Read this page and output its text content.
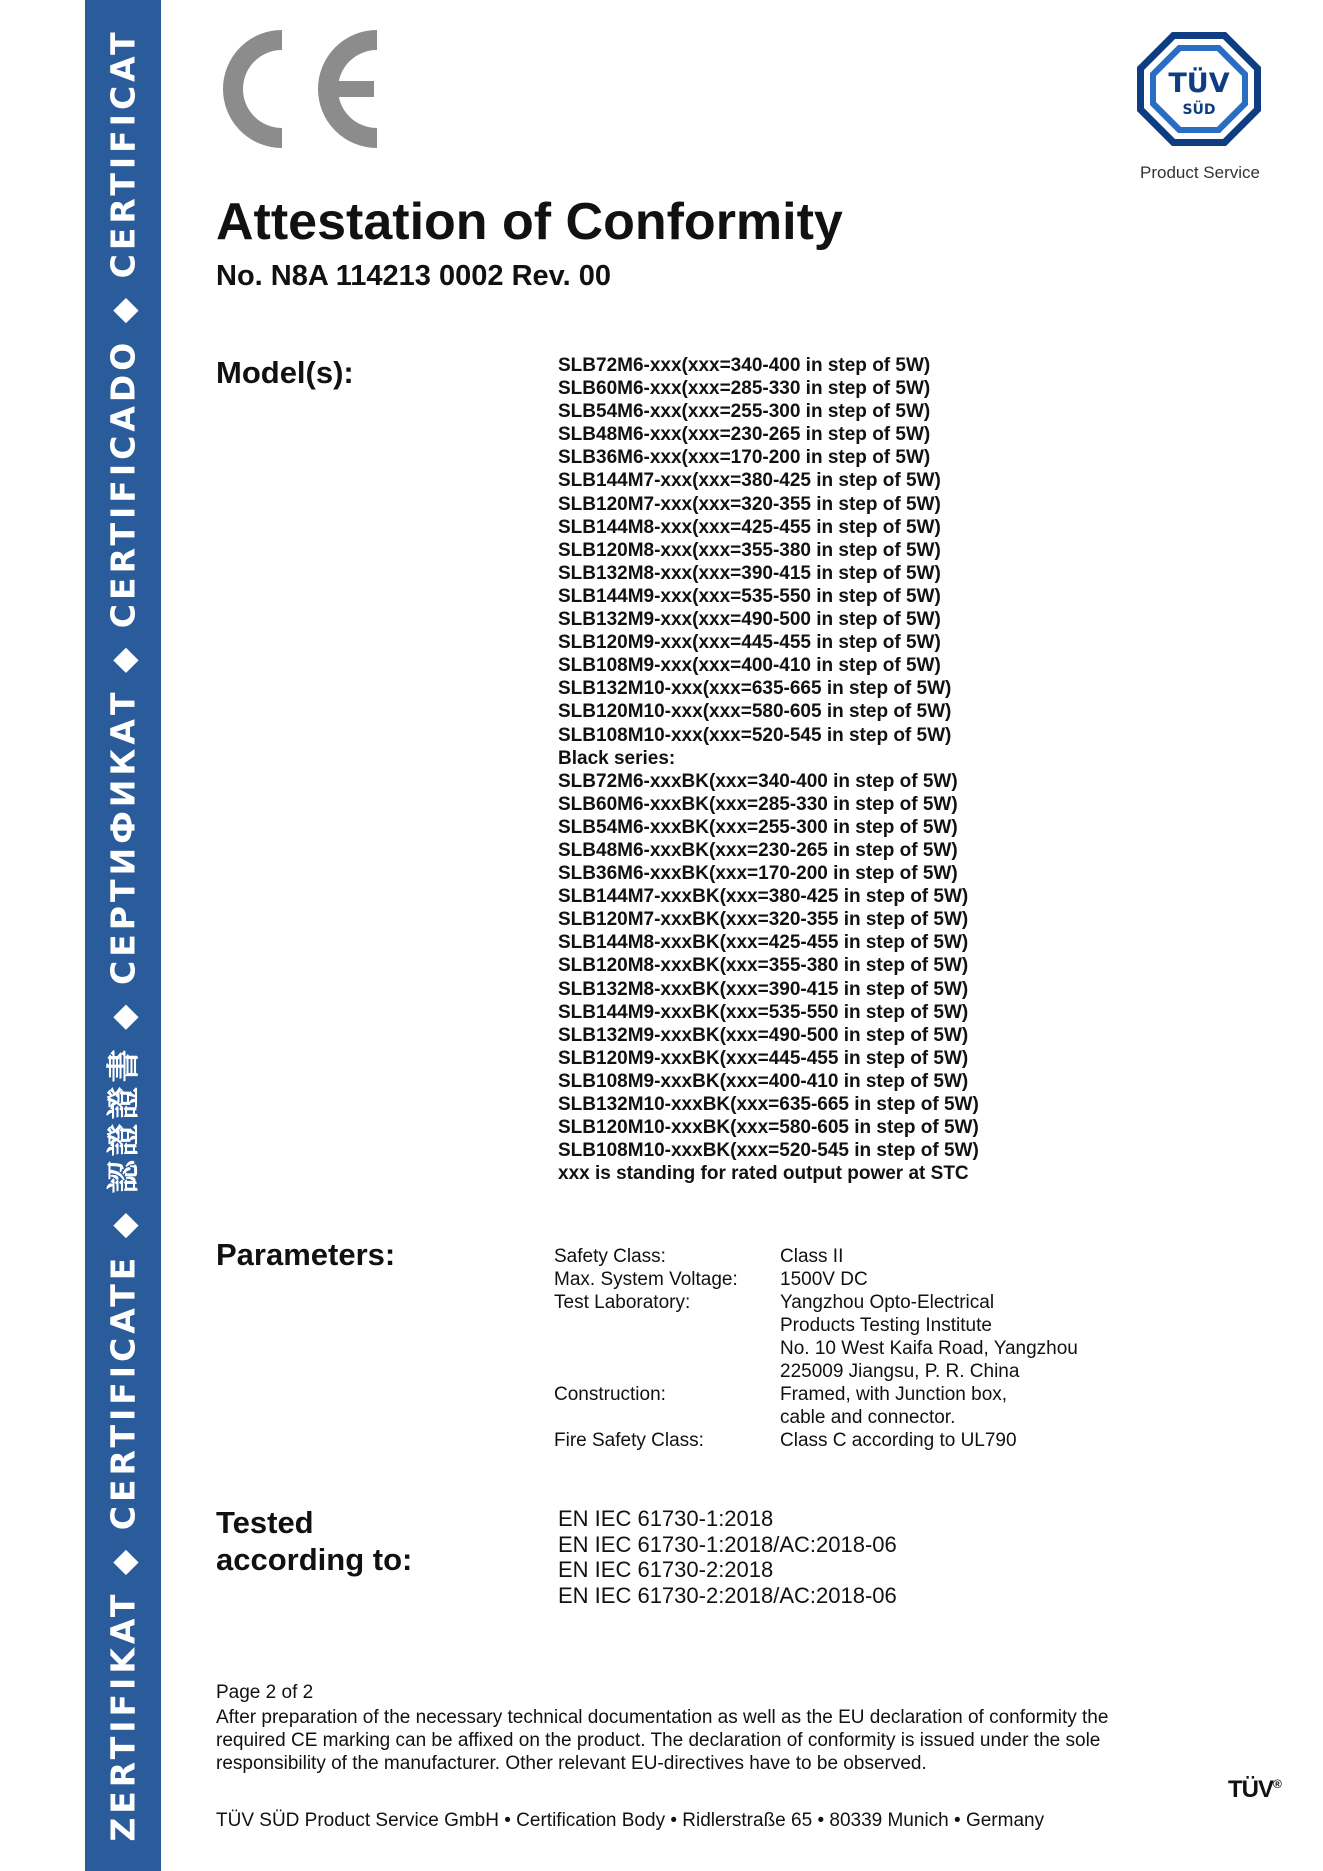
ZERTIFIKAT ◆ CERTIFICATE ◆ 認證證書 ◆ СЕРТИФИКАТ ◆ CERTIFICADO ◆ CERTIFICAT	TÜV
SÜD
Product Service
Attestation of Conformity
No. N8A 114213 0002 Rev. 00
Model(s):	SLB72M6-xxx(xxx=340-400 in step of 5W)
SLB60M6-xxx(xxx=285-330 in step of 5W)
SLB54M6-xxx(xxx=255-300 in step of 5W)
SLB48M6-xxx(xxx=230-265 in step of 5W)
SLB36M6-xxx(xxx=170-200 in step of 5W)
SLB144M7-xxx(xxx=380-425 in step of 5W)
SLB120M7-xxx(xxx=320-355 in step of 5W)
SLB144M8-xxx(xxx=425-455 in step of 5W)
SLB120M8-xxx(xxx=355-380 in step of 5W)
SLB132M8-xxx(xxx=390-415 in step of 5W)
SLB144M9-xxx(xxx=535-550 in step of 5W)
SLB132M9-xxx(xxx=490-500 in step of 5W)
SLB120M9-xxx(xxx=445-455 in step of 5W)
SLB108M9-xxx(xxx=400-410 in step of 5W)
SLB132M10-xxx(xxx=635-665 in step of 5W)
SLB120M10-xxx(xxx=580-605 in step of 5W)
SLB108M10-xxx(xxx=520-545 in step of 5W)
Black series:
SLB72M6-xxxBK(xxx=340-400 in step of 5W)
SLB60M6-xxxBK(xxx=285-330 in step of 5W)
SLB54M6-xxxBK(xxx=255-300 in step of 5W)
SLB48M6-xxxBK(xxx=230-265 in step of 5W)
SLB36M6-xxxBK(xxx=170-200 in step of 5W)
SLB144M7-xxxBK(xxx=380-425 in step of 5W)
SLB120M7-xxxBK(xxx=320-355 in step of 5W)
SLB144M8-xxxBK(xxx=425-455 in step of 5W)
SLB120M8-xxxBK(xxx=355-380 in step of 5W)
SLB132M8-xxxBK(xxx=390-415 in step of 5W)
SLB144M9-xxxBK(xxx=535-550 in step of 5W)
SLB132M9-xxxBK(xxx=490-500 in step of 5W)
SLB120M9-xxxBK(xxx=445-455 in step of 5W)
SLB108M9-xxxBK(xxx=400-410 in step of 5W)
SLB132M10-xxxBK(xxx=635-665 in step of 5W)
SLB120M10-xxxBK(xxx=580-605 in step of 5W)
SLB108M10-xxxBK(xxx=520-545 in step of 5W)
xxx is standing for rated output power at STC
Parameters:	Safety Class:	Class II
Max. System Voltage:	1500V DC
Test Laboratory:	Yangzhou Opto-Electrical
Products Testing Institute
No. 10 West Kaifa Road, Yangzhou
225009 Jiangsu, P. R. China
Construction:	Framed, with Junction box,
cable and connector.
Fire Safety Class:	Class C according to UL790
Tested
according to:
EN IEC 61730-1:2018
EN IEC 61730-1:2018/AC:2018-06
EN IEC 61730-2:2018
EN IEC 61730-2:2018/AC:2018-06
Page 2 of 2

After preparation of the necessary technical documentation as well as the EU declaration of conformity the required CE marking can be affixed on the product. The declaration of conformity is issued under the sole responsibility of the manufacturer. Other relevant EU-directives have to be observed.

TÜV®
TÜV SÜD Product Service GmbH • Certification Body • Ridlerstraße 65 • 80339 Munich • Germany
